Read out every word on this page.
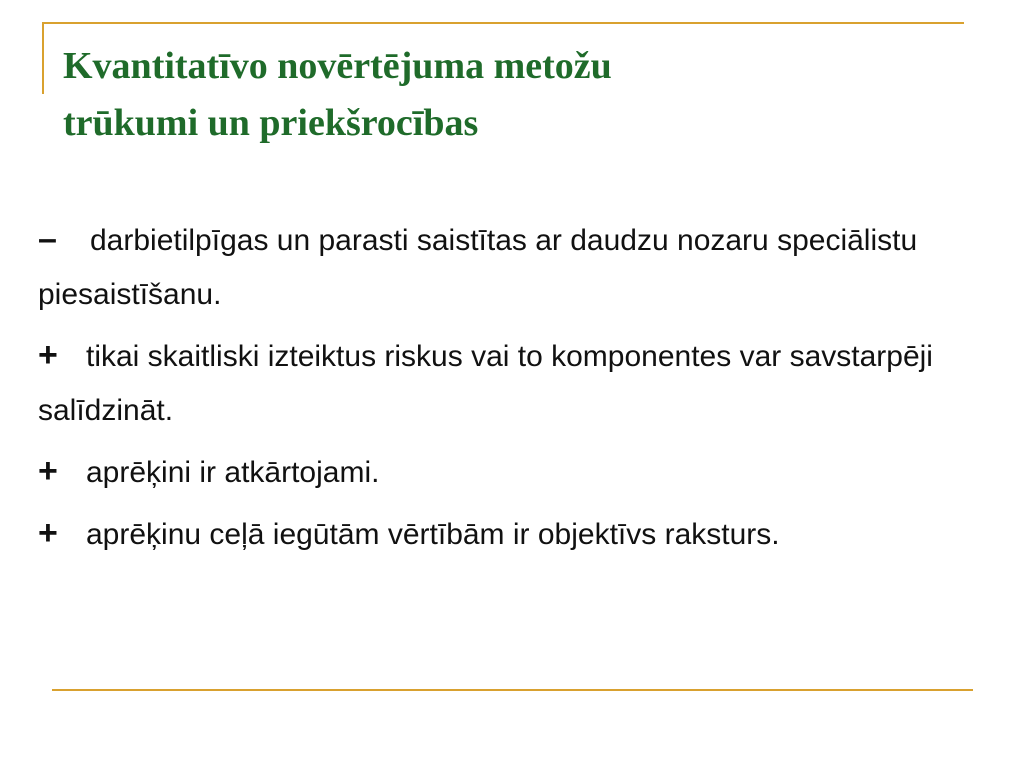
Kvantitatīvo novērtējuma metožu
trūkumi un priekšrocības

– darbietilpīgas un parasti saistītas ar daudzu nozaru speciālistu piesaistīšanu.

+ tikai skaitliski izteiktus riskus vai to komponentes var savstarpēji salīdzināt.

+ aprēķini ir atkārtojami.

+ aprēķinu ceļā iegūtām vērtībām ir objektīvs raksturs.
